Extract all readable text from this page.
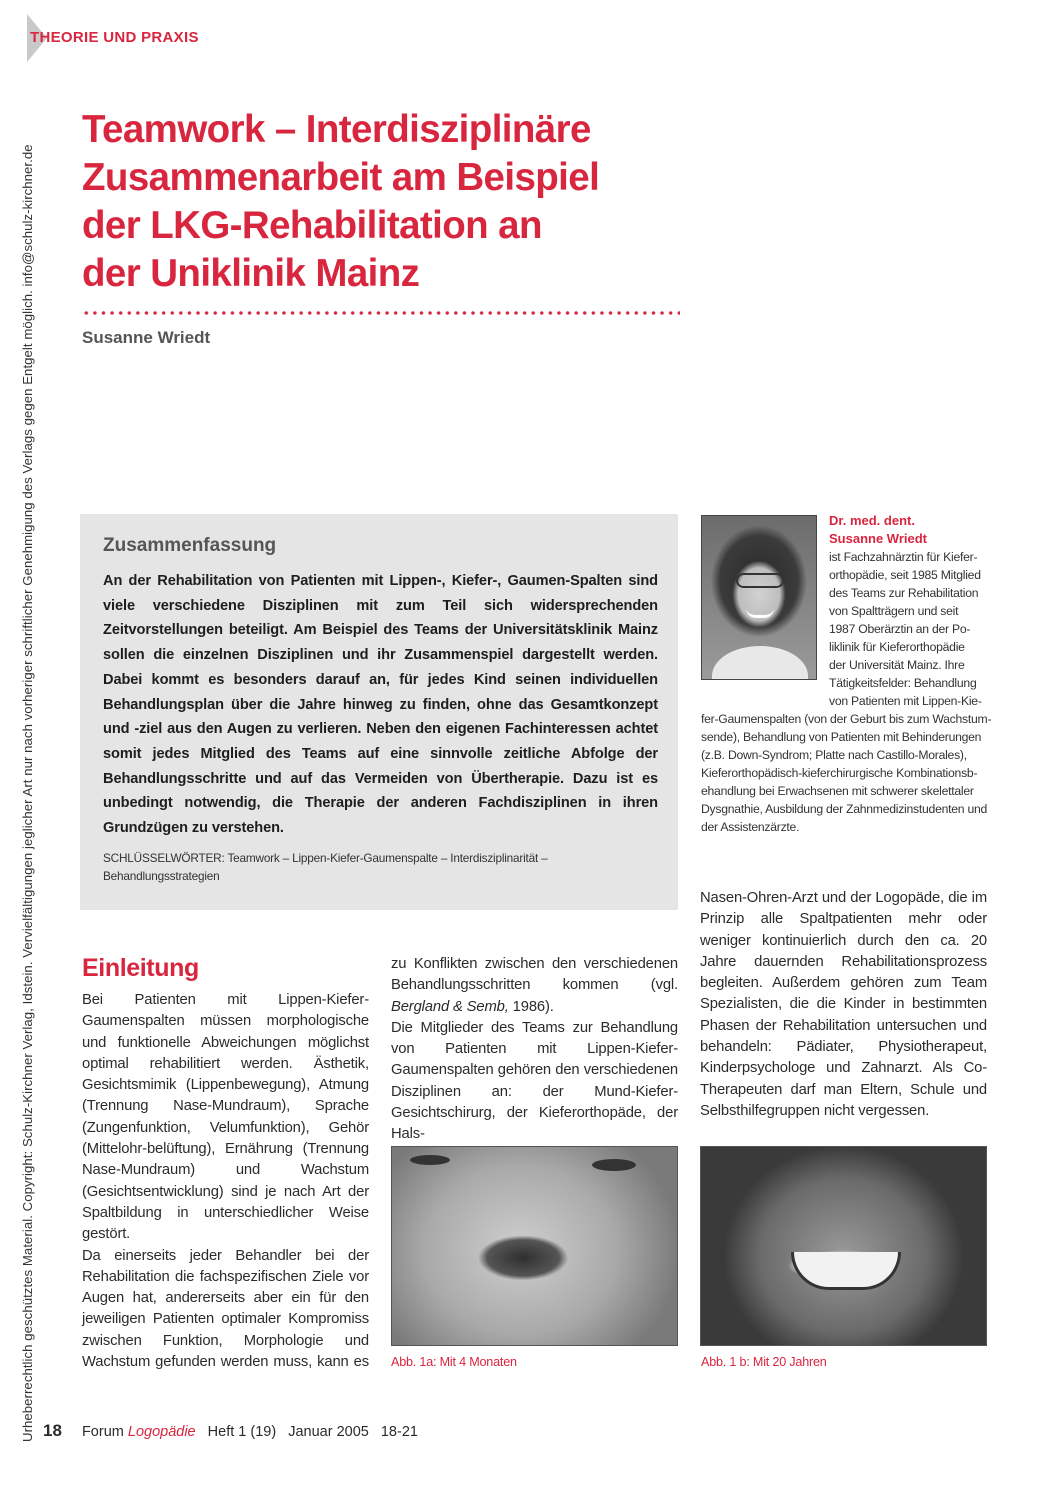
THEORIE UND PRAXIS
Urheberrechtlich geschütztes Material. Copyright: Schulz-Kirchner Verlag, Idstein. Vervielfältigungen jeglicher Art nur nach vorheriger schriftlicher Genehmigung des Verlags gegen Entgelt möglich. info@schulz-kirchner.de
Teamwork – Interdisziplinäre
Zusammenarbeit am Beispiel
der LKG-Rehabilitation an
der Uniklinik Mainz
Susanne Wriedt
Zusammenfassung

An der Rehabilitation von Patienten mit Lippen-, Kiefer-, Gaumen-Spalten sind viele verschiedene Disziplinen mit zum Teil sich widersprechenden Zeitvorstellungen beteiligt. Am Beispiel des Teams der Universitätsklinik Mainz sollen die einzelnen Disziplinen und ihr Zusammenspiel dargestellt werden. Dabei kommt es besonders darauf an, für jedes Kind seinen individuellen Behandlungsplan über die Jahre hinweg zu finden, ohne das Gesamtkonzept und -ziel aus den Augen zu verlieren. Neben den eigenen Fachinteressen achtet somit jedes Mitglied des Teams auf eine sinnvolle zeitliche Abfolge der Behandlungsschritte und auf das Vermeiden von Übertherapie. Dazu ist es unbedingt notwendig, die Therapie der anderen Fachdisziplinen in ihren Grundzügen zu verstehen.

SCHLÜSSELWÖRTER: Teamwork – Lippen-Kiefer-Gaumenspalte – Interdisziplinarität – Behandlungsstrategien

Dr. med. dent.
Susanne Wriedt
ist Fachzahnärztin für Kiefer-
orthopädie, seit 1985 Mitglied
des Teams zur Rehabilitation
von Spaltträgern und seit
1987 Oberärztin an der Po-
liklinik für Kieferorthopädie
der Universität Mainz. Ihre
Tätigkeitsfelder: Behandlung
von Patienten mit Lippen-Kie-
fer-Gaumenspalten (von der Geburt bis zum Wachstum-
sende), Behandlung von Patienten mit Behinderungen
(z.B. Down-Syndrom; Platte nach Castillo-Morales),
Kieferorthopädisch-kieferchirurgische Kombinationsb-
ehandlung bei Erwachsenen mit schwerer skelettaler
Dysgnathie, Ausbildung der Zahnmedizinstudenten und
der Assistenzärzte.
Einleitung

Bei Patienten mit Lippen-Kiefer-Gaumenspalten müssen morphologische und funktionelle Abweichungen möglichst optimal rehabilitiert werden. Ästhetik, Gesichtsmimik (Lippenbewegung), Atmung (Trennung Nase-Mundraum), Sprache (Zungenfunktion, Velumfunktion), Gehör (Mittelohr-belüftung), Ernährung (Trennung Nase-Mundraum) und Wachstum (Gesichtsentwicklung) sind je nach Art der Spaltbildung in unterschiedlicher Weise gestört.

Da einerseits jeder Behandler bei der Rehabilitation die fachspezifischen Ziele vor Augen hat, andererseits aber ein für den jeweiligen Patienten optimaler Kompromiss zwischen Funktion, Morphologie und Wachstum gefunden werden muss, kann es

zu Konflikten zwischen den verschiedenen Behandlungsschritten kommen (vgl. Bergland & Semb, 1986).

Die Mitglieder des Teams zur Behandlung von Patienten mit Lippen-Kiefer-Gaumenspalten gehören den verschiedenen Disziplinen an: der Mund-Kiefer-Gesichtschirurg, der Kieferorthopäde, der Hals-

Nasen-Ohren-Arzt und der Logopäde, die im Prinzip alle Spaltpatienten mehr oder weniger kontinuierlich durch den ca. 20 Jahre dauernden Rehabilitationsprozess begleiten. Außerdem gehören zum Team Spezialisten, die die Kinder in bestimmten Phasen der Rehabilitation untersuchen und behandeln: Pädiater, Physiotherapeut, Kinderpsychologe und Zahnarzt. Als Co-Therapeuten darf man Eltern, Schule und Selbsthilfegruppen nicht vergessen.

Abb. 1a: Mit 4 Monaten	Abb. 1 b: Mit 20 Jahren
18 Forum Logopädie Heft 1 (19) Januar 2005 18-21
